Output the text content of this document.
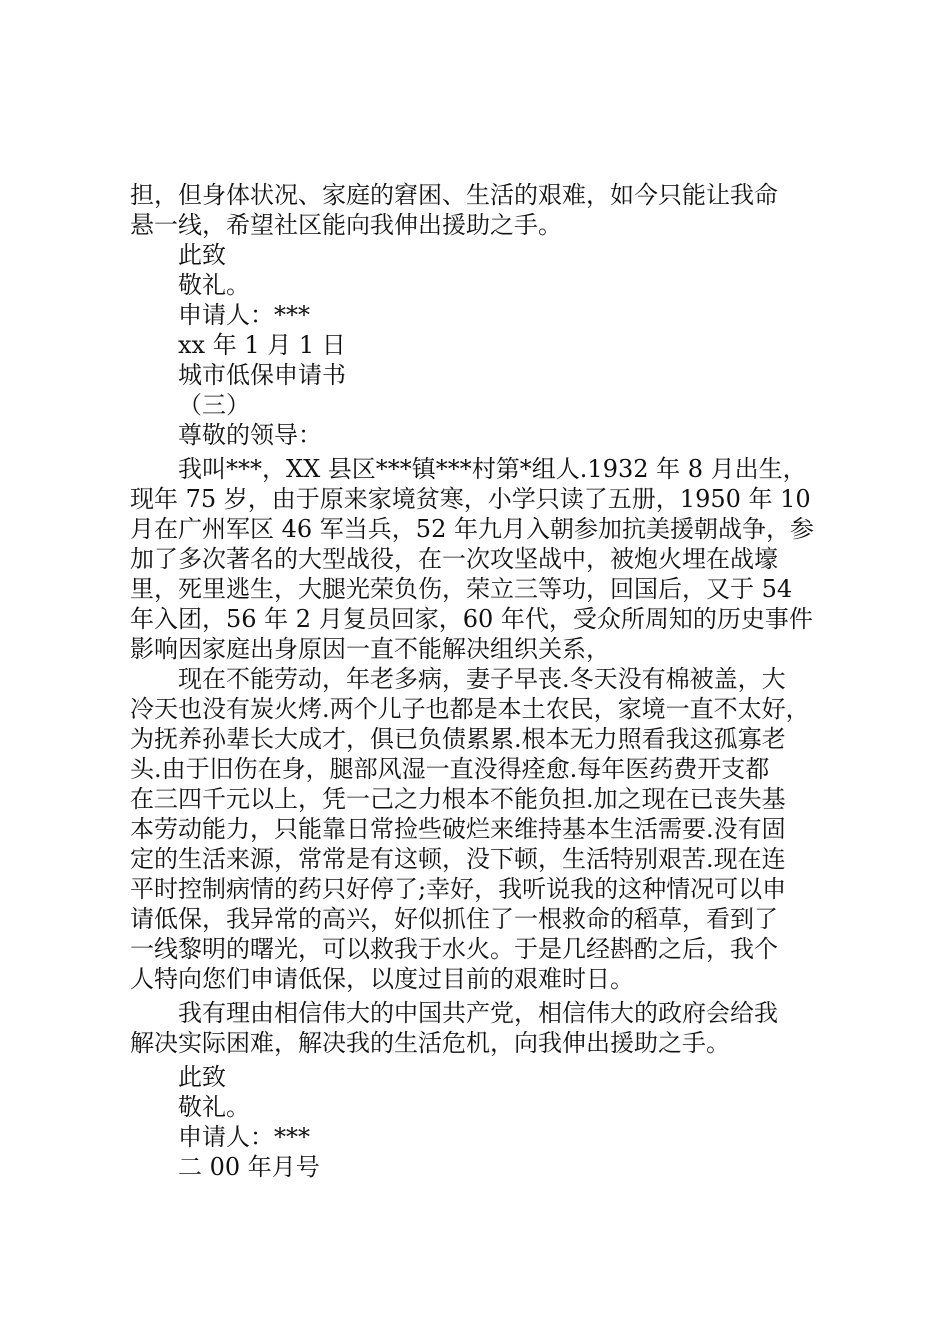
担，但身体状况、家庭的窘困、生活的艰难，如今只能让我命
悬一线，希望社区能向我伸出援助之手。
此致
敬礼。
申请人：***
xx 年 1 月 1 日
城市低保申请书
（三）
尊敬的领导：
我叫***，XX 县区***镇***村第*组人.1932 年 8 月出生，
现年 75 岁，由于原来家境贫寒，小学只读了五册，1950 年 10
月在广州军区 46 军当兵，52 年九月入朝参加抗美援朝战争，参
加了多次著名的大型战役，在一次攻坚战中，被炮火埋在战壕
里，死里逃生，大腿光荣负伤，荣立三等功，回国后，又于 54
年入团，56 年 2 月复员回家，60 年代，受众所周知的历史事件
影响因家庭出身原因一直不能解决组织关系，
现在不能劳动，年老多病，妻子早丧.冬天没有棉被盖，大
冷天也没有炭火烤.两个儿子也都是本土农民，家境一直不太好，
为抚养孙辈长大成才，俱已负债累累.根本无力照看我这孤寡老
头.由于旧伤在身，腿部风湿一直没得痊愈.每年医药费开支都
在三四千元以上，凭一己之力根本不能负担.加之现在已丧失基
本劳动能力，只能靠日常捡些破烂来维持基本生活需要.没有固
定的生活来源，常常是有这顿，没下顿，生活特别艰苦.现在连
平时控制病情的药只好停了;幸好，我听说我的这种情况可以申
请低保，我异常的高兴，好似抓住了一根救命的稻草，看到了
一线黎明的曙光，可以救我于水火。于是几经斟酌之后，我个
人特向您们申请低保，以度过目前的艰难时日。
我有理由相信伟大的中国共产党，相信伟大的政府会给我
解决实际困难，解决我的生活危机，向我伸出援助之手。
此致
敬礼。
申请人：***
二 00 年月号
